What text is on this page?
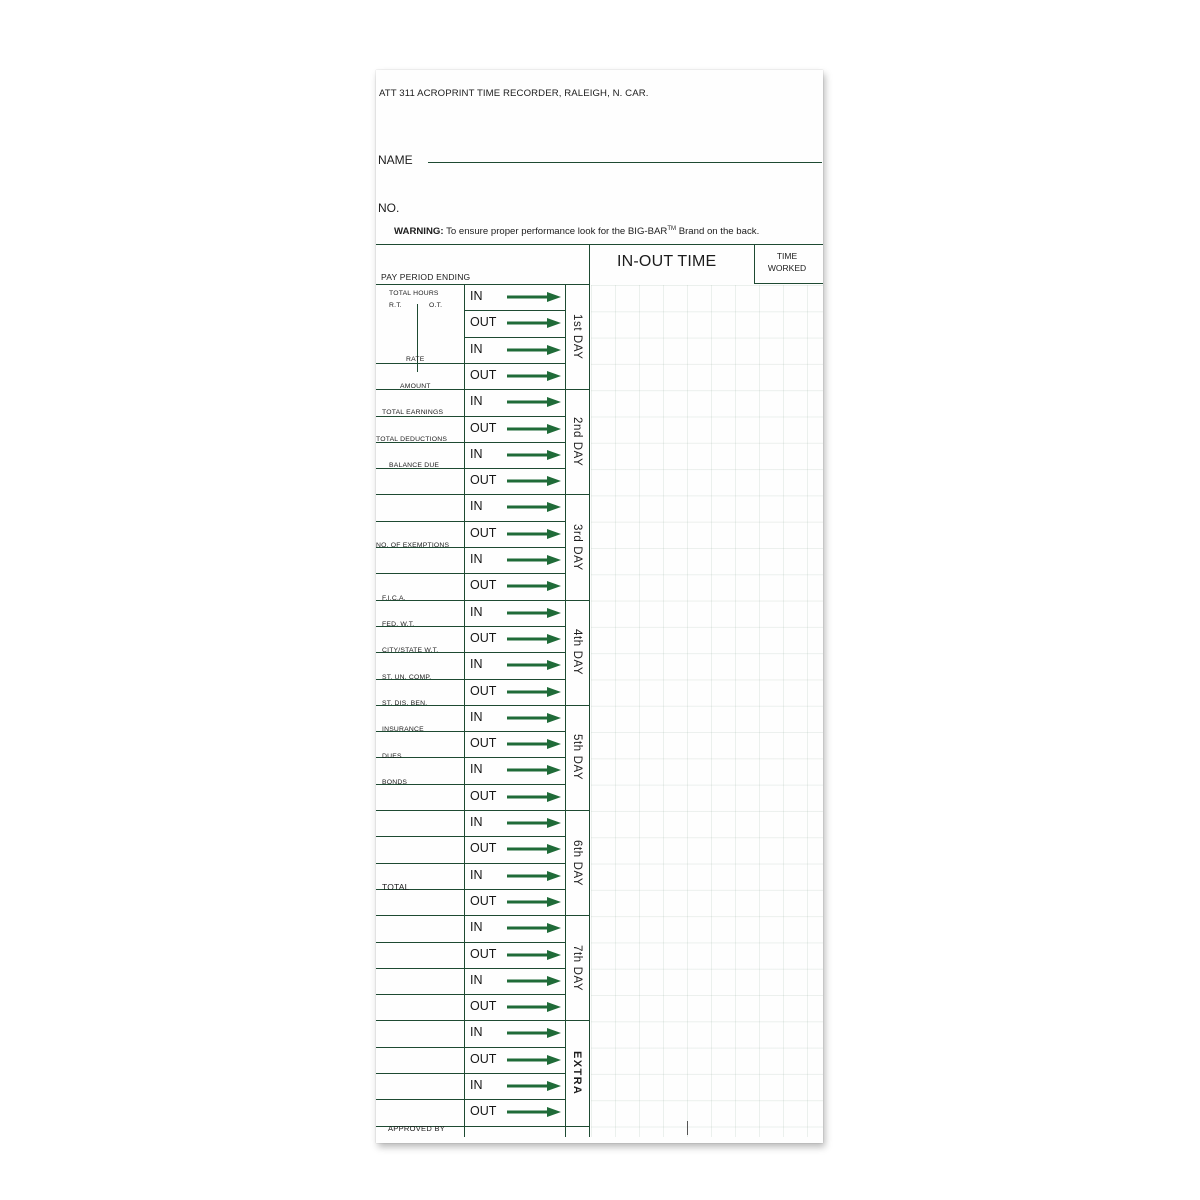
ATT 311 ACROPRINT TIME RECORDER, RALEIGH, N. CAR.
NAME
NO.
WARNING: To ensure proper performance look for the BIG-BAR™ Brand on the back.
PAY PERIOD ENDING
IN-OUT TIME	TIME
WORKED
IN
OUT
IN
OUT
IN
OUT
IN
OUT
IN
OUT
IN
OUT
IN
OUT
IN
OUT
IN
OUT
IN
OUT
IN
OUT
IN
OUT
IN
OUT
IN
OUT
IN
OUT
IN
OUT
1st DAY
2nd DAY
3rd DAY
4th DAY
5th DAY
6th DAY
7th DAY
EXTRA
TOTAL HOURS
R.T.	O.T.
RATE
AMOUNT
TOTAL EARNINGS
TOTAL DEDUCTIONS
BALANCE DUE
NO. OF EXEMPTIONS
F.I.C.A.
FED. W.T.
CITY/STATE W.T.
ST. UN. COMP.
ST. DIS. BEN.
INSURANCE
DUES
BONDS
TOTAL
APPROVED BY
